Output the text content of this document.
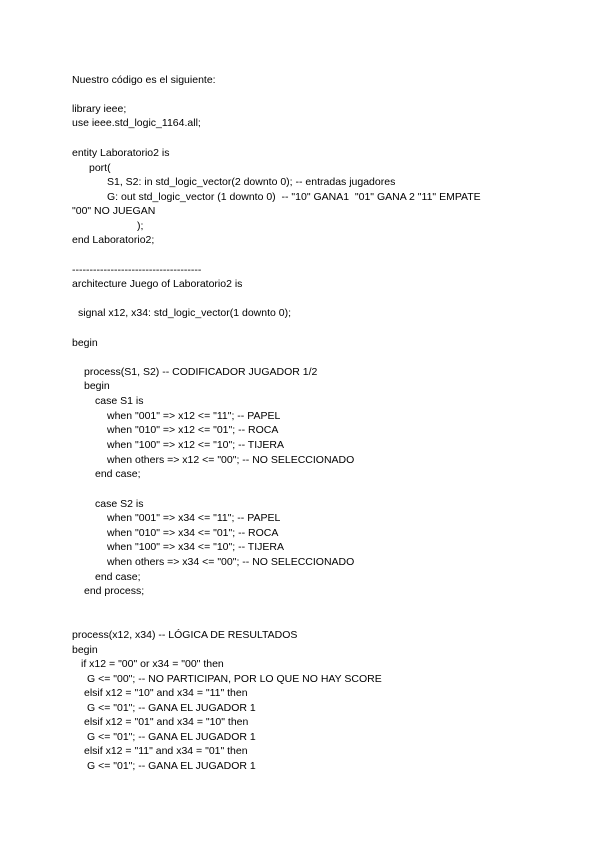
Nuestro código es el siguiente:
library ieee;
use ieee.std_logic_1164.all;
entity Laboratorio2 is
port(
S1, S2: in std_logic_vector(2 downto 0); -- entradas jugadores
G: out std_logic_vector (1 downto 0)  -- "10" GANA1  "01" GANA 2 "11" EMPATE
"00" NO JUEGAN
);
end Laboratorio2;
-------------------------------------
architecture Juego of Laboratorio2 is
signal x12, x34: std_logic_vector(1 downto 0);
begin
process(S1, S2) -- CODIFICADOR JUGADOR 1/2
begin
case S1 is
when "001" => x12 <= "11"; -- PAPEL
when "010" => x12 <= "01"; -- ROCA
when "100" => x12 <= "10"; -- TIJERA
when others => x12 <= "00"; -- NO SELECCIONADO
end case;
case S2 is
when "001" => x34 <= "11"; -- PAPEL
when "010" => x34 <= "01"; -- ROCA
when "100" => x34 <= "10"; -- TIJERA
when others => x34 <= "00"; -- NO SELECCIONADO
end case;
end process;
process(x12, x34) -- LÓGICA DE RESULTADOS
begin
if x12 = "00" or x34 = "00" then
G <= "00"; -- NO PARTICIPAN, POR LO QUE NO HAY SCORE
elsif x12 = "10" and x34 = "11" then
G <= "01"; -- GANA EL JUGADOR 1
elsif x12 = "01" and x34 = "10" then
G <= "01"; -- GANA EL JUGADOR 1
elsif x12 = "11" and x34 = "01" then
G <= "01"; -- GANA EL JUGADOR 1
